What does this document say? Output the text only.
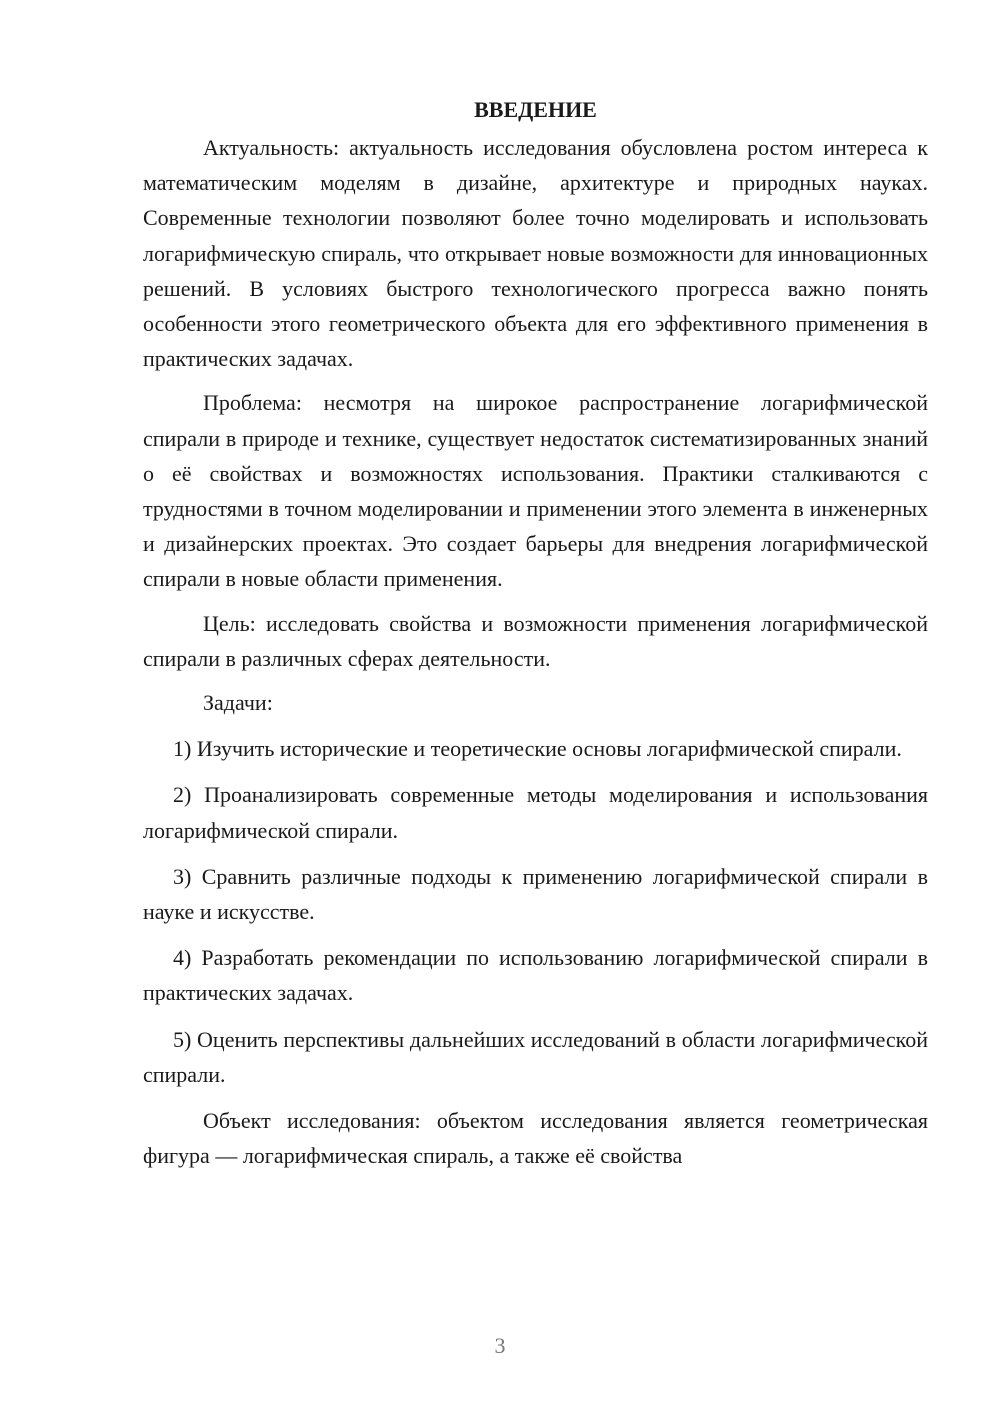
ВВЕДЕНИЕ

Актуальность: актуальность исследования обусловлена ростом интереса к математическим моделям в дизайне, архитектуре и природных науках. Современные технологии позволяют более точно моделировать и использовать логарифмическую спираль, что открывает новые возможности для инновационных решений. В условиях быстрого технологического прогресса важно понять особенности этого геометрического объекта для его эффективного применения в практических задачах.

Проблема: несмотря на широкое распространение логарифмической спирали в природе и технике, существует недостаток систематизированных знаний о её свойствах и возможностях использования. Практики сталкиваются с трудностями в точном моделировании и применении этого элемента в инженерных и дизайнерских проектах. Это создает барьеры для внедрения логарифмической спирали в новые области применения.

Цель: исследовать свойства и возможности применения логарифмической спирали в различных сферах деятельности.

Задачи:

1) Изучить исторические и теоретические основы логарифмической спирали.

2) Проанализировать современные методы моделирования и использования логарифмической спирали.

3) Сравнить различные подходы к применению логарифмической спирали в науке и искусстве.

4) Разработать рекомендации по использованию логарифмической спирали в практических задачах.

5) Оценить перспективы дальнейших исследований в области логарифмической спирали.

Объект исследования: объектом исследования является геометрическая фигура — логарифмическая спираль, а также её свойства

3
